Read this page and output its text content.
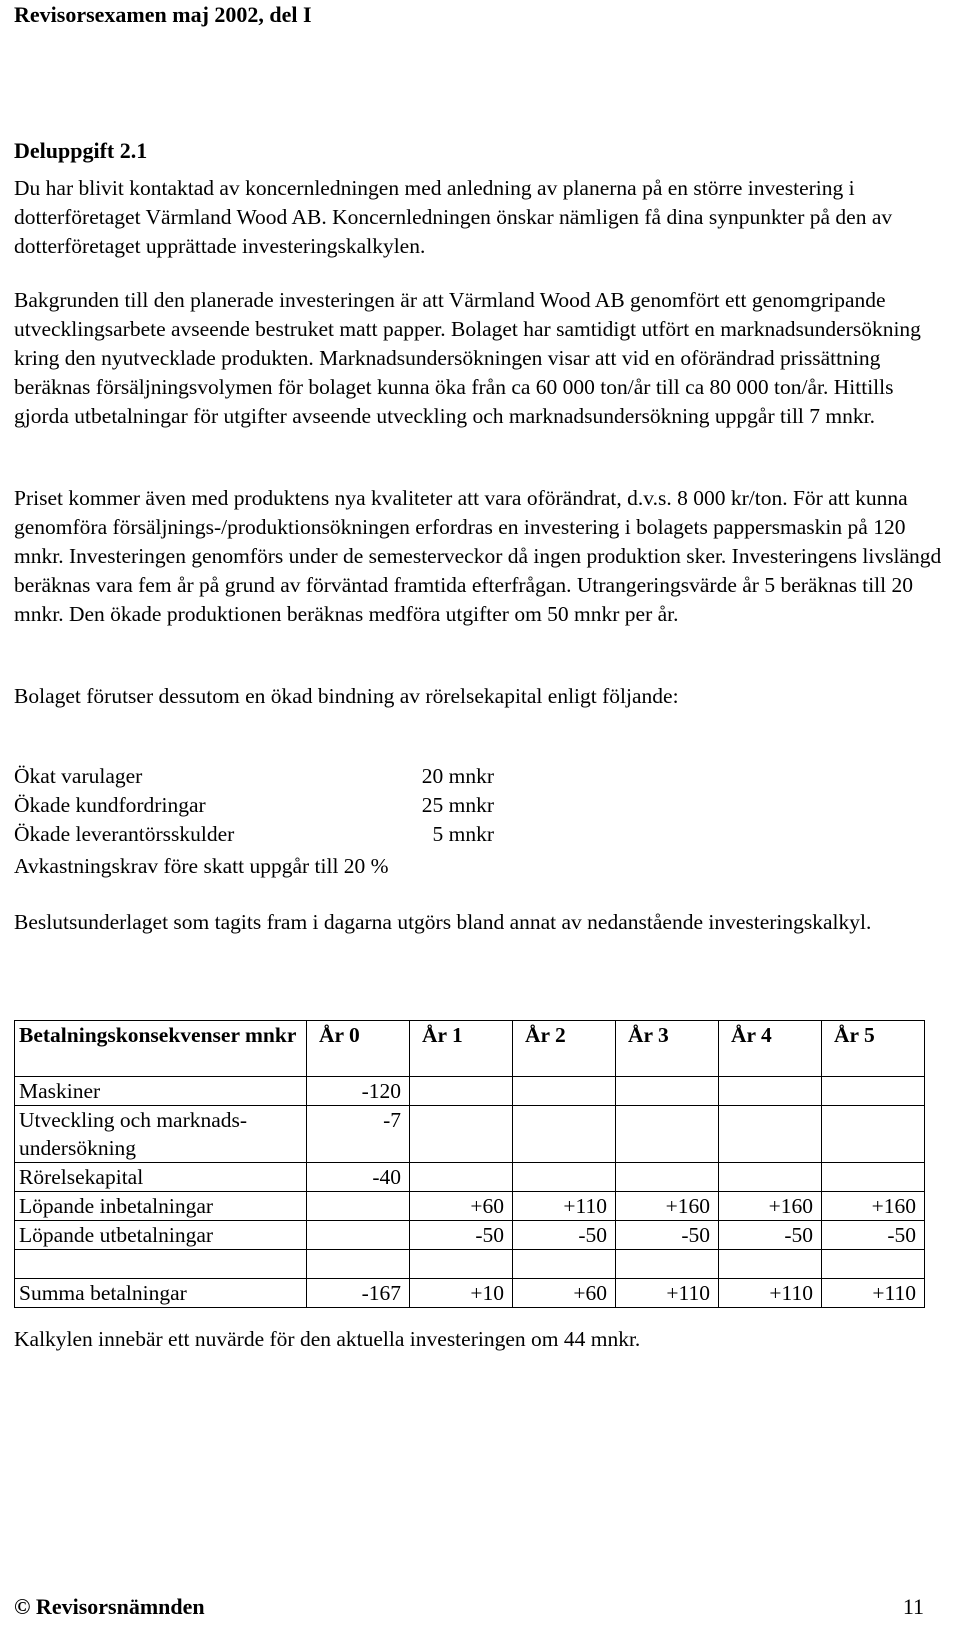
Revisorsexamen maj 2002, del I
Deluppgift 2.1

Du har blivit kontaktad av koncernledningen med anledning av planerna på en större investering i dotterföretaget Värmland Wood AB. Koncernledningen önskar nämligen få dina synpunkter på den av dotterföretaget upprättade investeringskalkylen.

Bakgrunden till den planerade investeringen är att Värmland Wood AB genomfört ett genomgripande utvecklingsarbete avseende bestruket matt papper. Bolaget har samtidigt utfört en marknadsundersökning kring den nyutvecklade produkten. Marknadsundersökningen visar att vid en oförändrad prissättning beräknas försäljningsvolymen för bolaget kunna öka från ca 60 000 ton/år till ca 80 000 ton/år. Hittills gjorda utbetalningar för utgifter avseende utveckling och marknadsundersökning uppgår till 7 mnkr.

Priset kommer även med produktens nya kvaliteter att vara oförändrat, d.v.s. 8 000 kr/ton. För att kunna genomföra försäljnings-/produktionsökningen erfordras en investering i bolagets pappersmaskin på 120 mnkr. Investeringen genomförs under de semesterveckor då ingen produktion sker. Investeringens livslängd beräknas vara fem år på grund av förväntad framtida efterfrågan. Utrangeringsvärde år 5 beräknas till 20 mnkr. Den ökade produktionen beräknas medföra utgifter om 50 mnkr per år.

Bolaget förutser dessutom en ökad bindning av rörelsekapital enligt följande:

Ökat varulager	20 mnkr
Ökade kundfordringar	25 mnkr
Ökade leverantörsskulder	5 mnkr

Avkastningskrav före skatt uppgår till 20 %

Beslutsunderlaget som tagits fram i dagarna utgörs bland annat av nedanstående investeringskalkyl.

Betalningskonsekvenser mnkr	År 0	År 1	År 2	År 3	År 4	År 5
Maskiner	-120					
Utveckling och marknads-undersökning	-7					
Rörelsekapital	-40					
Löpande inbetalningar		+60	+110	+160	+160	+160
Löpande utbetalningar		-50	-50	-50	-50	-50

Summa betalningar	-167	+10	+60	+110	+110	+110

Kalkylen innebär ett nuvärde för den aktuella investeringen om 44 mnkr.

© Revisorsnämnden	11
